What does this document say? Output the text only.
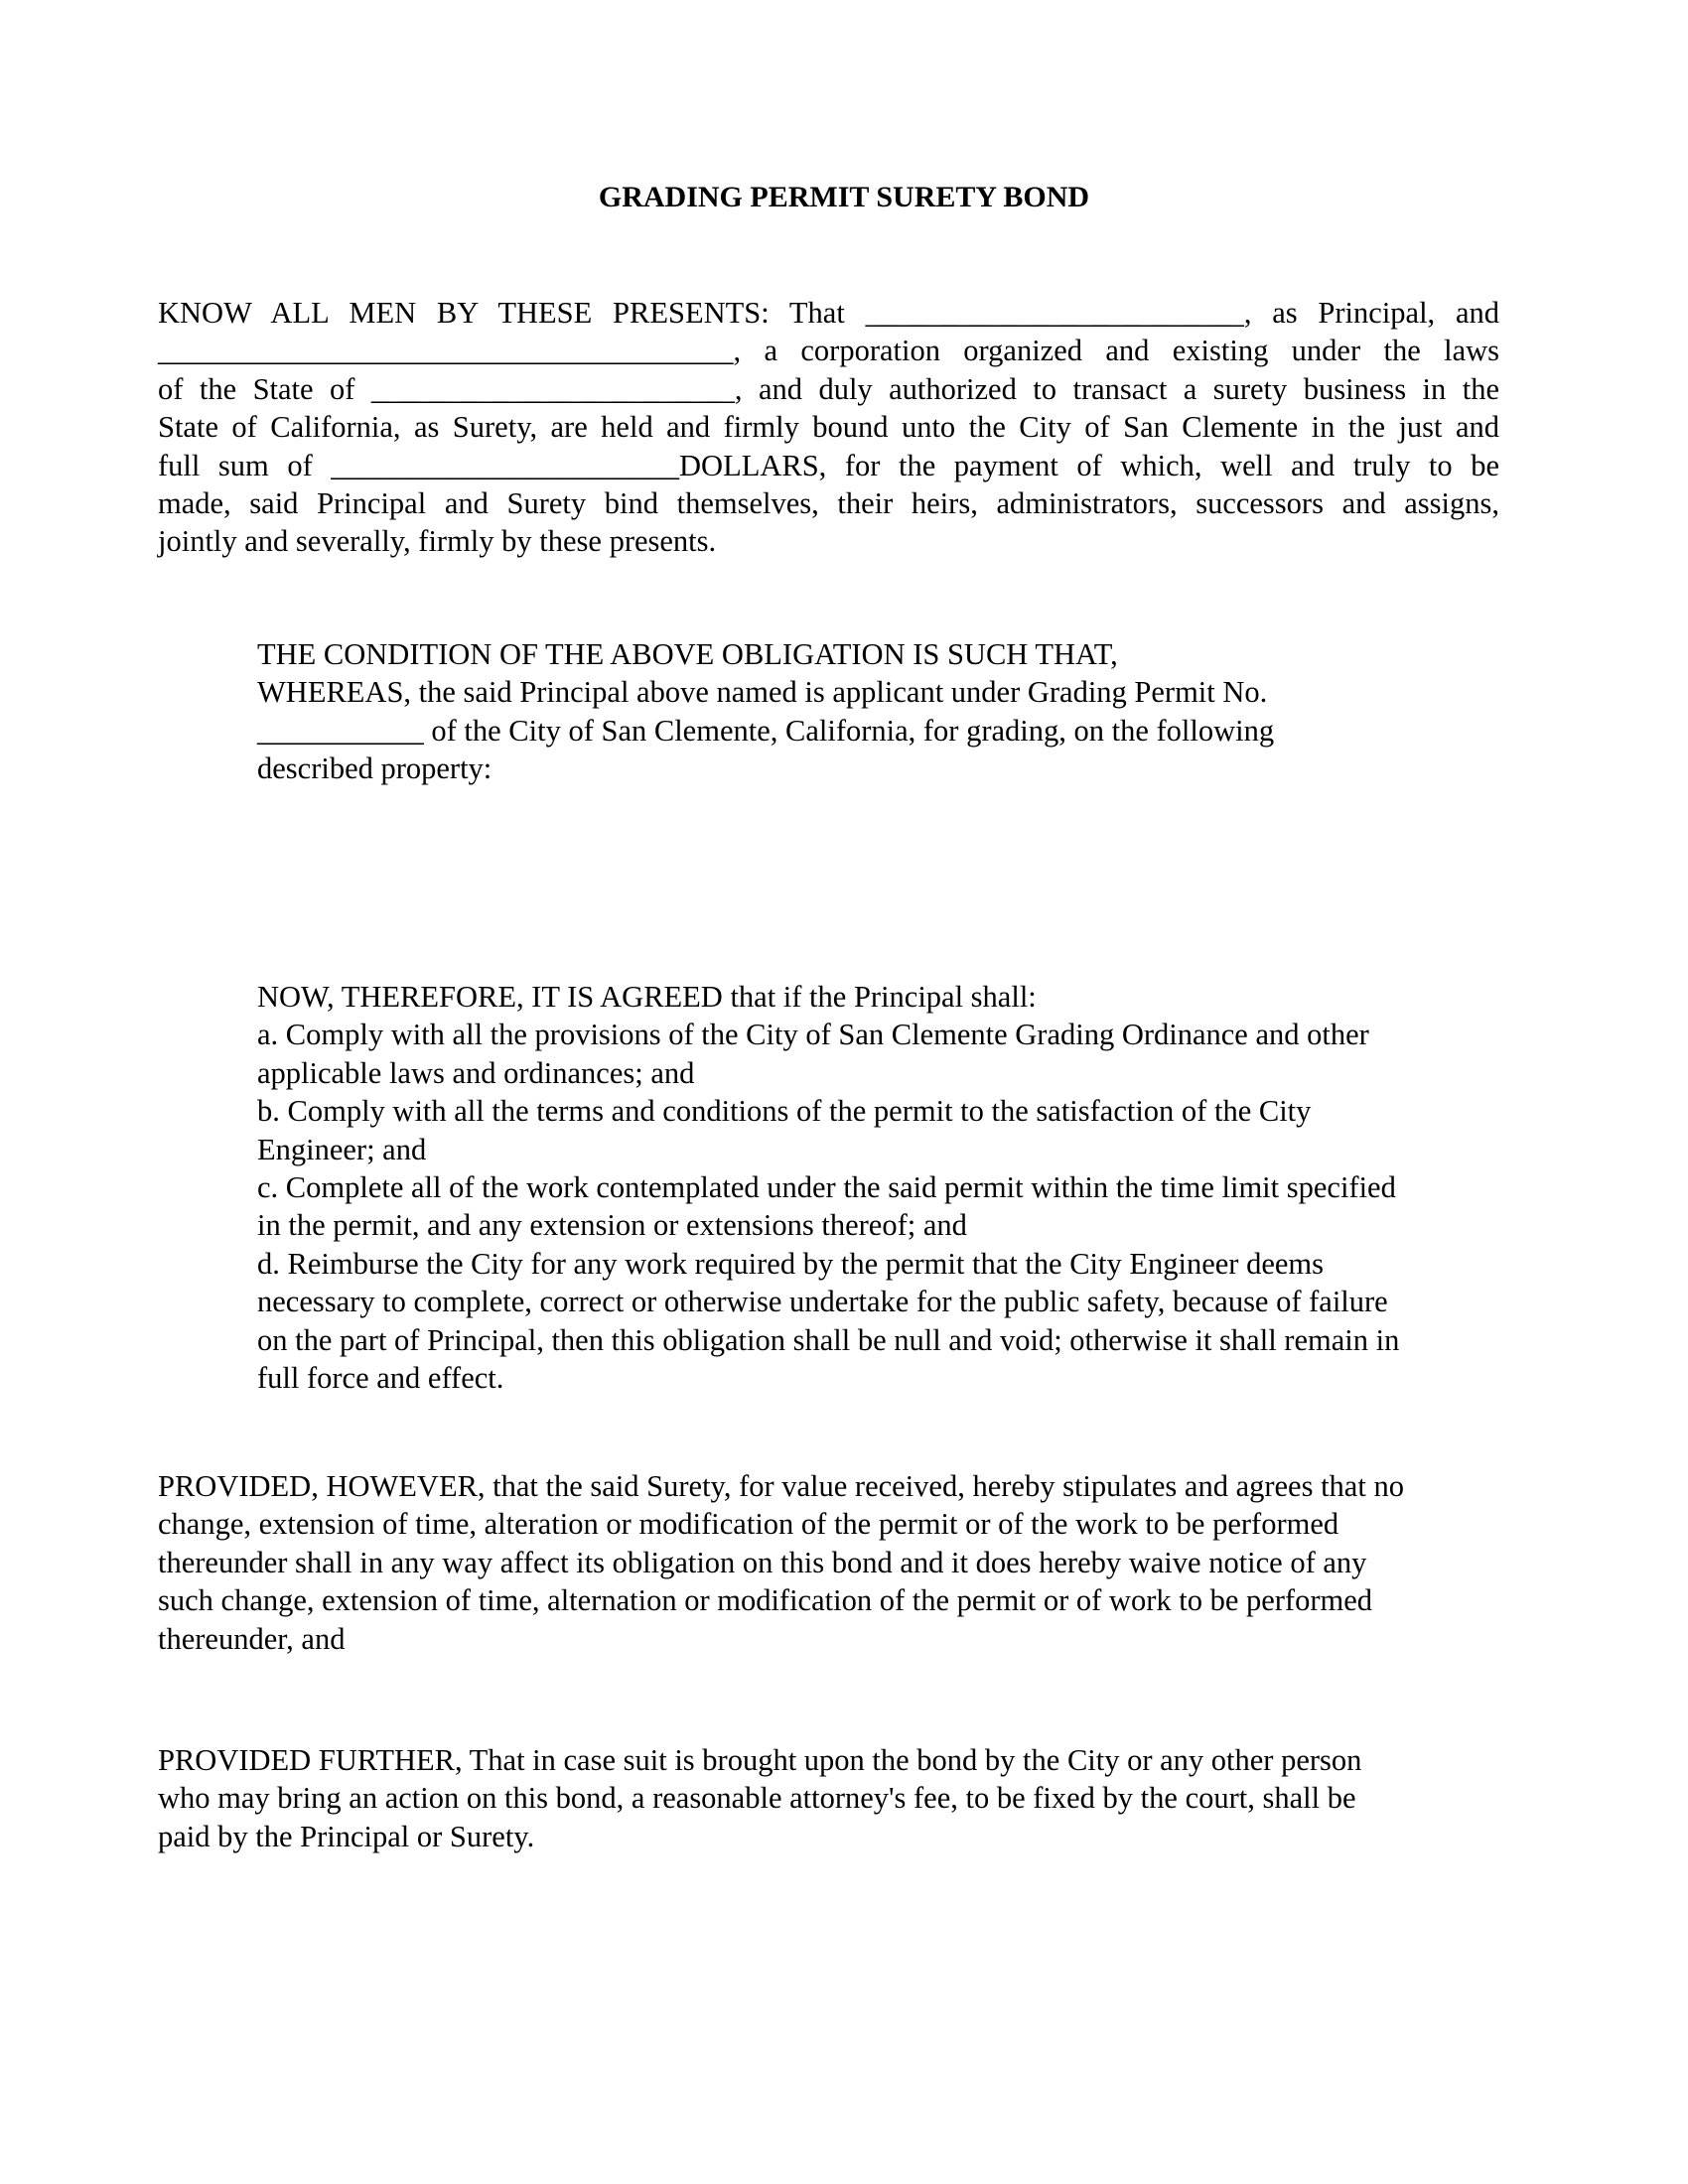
GRADING PERMIT SURETY BOND
KNOW ALL MEN BY THESE PRESENTS: That _________________________, as Principal, and
______________________________________, a corporation organized and existing under the laws
of the State of ________________________, and duly authorized to transact a surety business in the
State of California, as Surety, are held and firmly bound unto the City of San Clemente in the just and
full sum of _______________________DOLLARS, for the payment of which, well and truly to be
made, said Principal and Surety bind themselves, their heirs, administrators, successors and assigns,
jointly and severally, firmly by these presents.
THE CONDITION OF THE ABOVE OBLIGATION IS SUCH THAT,
WHEREAS, the said Principal above named is applicant under Grading Permit No.
___________ of the City of San Clemente, California, for grading, on the following
described property:
NOW, THEREFORE, IT IS AGREED that if the Principal shall:
a. Comply with all the provisions of the City of San Clemente Grading Ordinance and other
applicable laws and ordinances; and
b. Comply with all the terms and conditions of the permit to the satisfaction of the City
Engineer; and
c. Complete all of the work contemplated under the said permit within the time limit specified
in the permit, and any extension or extensions thereof; and
d. Reimburse the City for any work required by the permit that the City Engineer deems
necessary to complete, correct or otherwise undertake for the public safety, because of failure
on the part of Principal, then this obligation shall be null and void; otherwise it shall remain in
full force and effect.
PROVIDED, HOWEVER, that the said Surety, for value received, hereby stipulates and agrees that no
change, extension of time, alteration or modification of the permit or of the work to be performed
thereunder shall in any way affect its obligation on this bond and it does hereby waive notice of any
such change, extension of time, alternation or modification of the permit or of work to be performed
thereunder, and
PROVIDED FURTHER, That in case suit is brought upon the bond by the City or any other person
who may bring an action on this bond, a reasonable attorney's fee, to be fixed by the court, shall be
paid by the Principal or Surety.
